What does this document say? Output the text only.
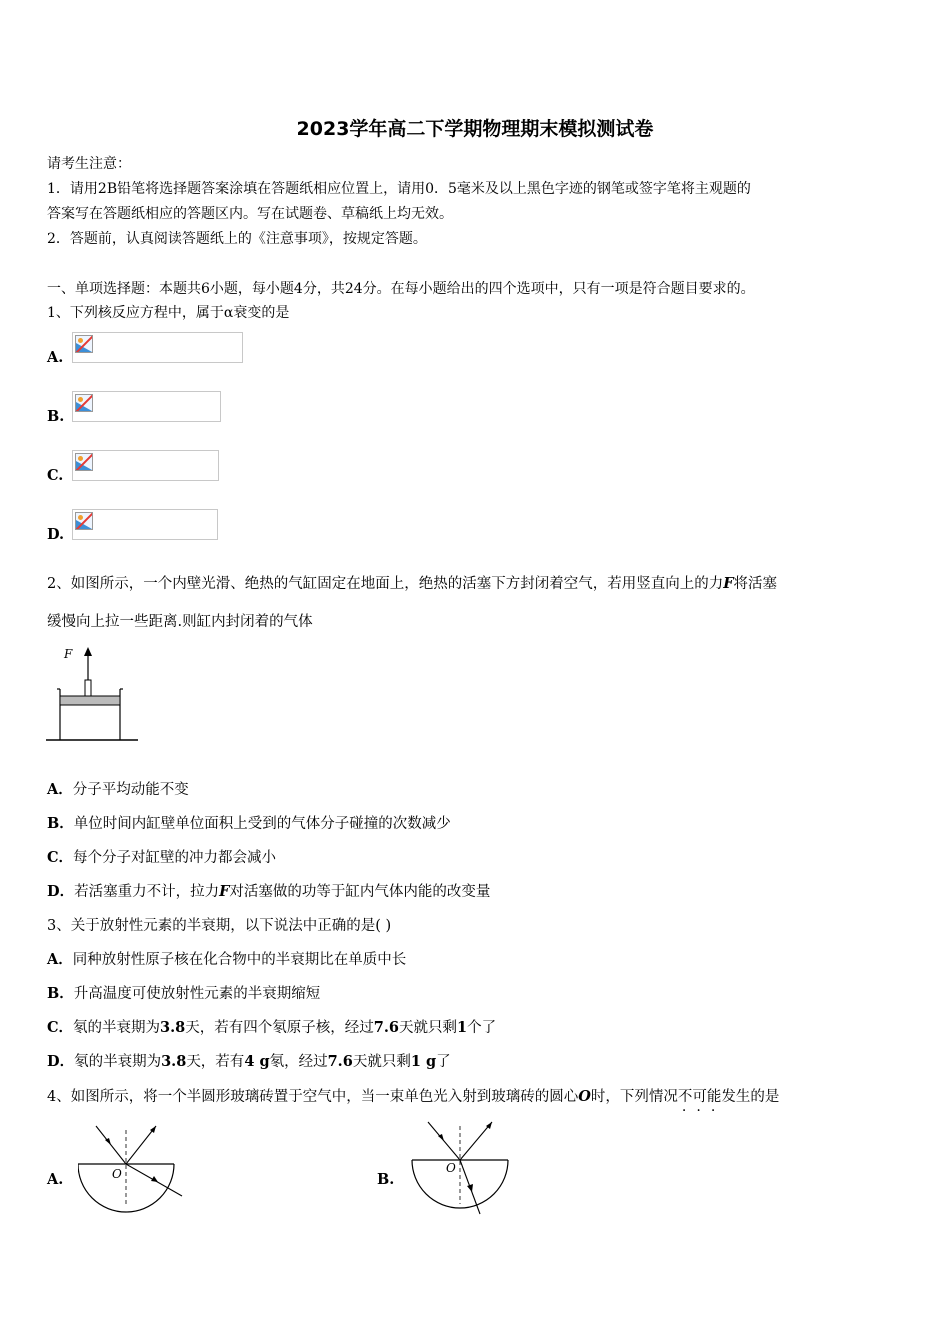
2023学年高二下学期物理期末模拟测试卷
请考生注意：
1．请用2B铅笔将选择题答案涂填在答题纸相应位置上，请用0．5毫米及以上黑色字迹的钢笔或签字笔将主观题的
答案写在答题纸相应的答题区内。写在试题卷、草稿纸上均无效。
2．答题前，认真阅读答题纸上的《注意事项》，按规定答题。
一、单项选择题：本题共6小题，每小题4分，共24分。在每小题给出的四个选项中，只有一项是符合题目要求的。
1、下列核反应方程中，属于α衰变的是
A.
B.
C.
D.
2、如图所示，一个内壁光滑、绝热的气缸固定在地面上，绝热的活塞下方封闭着空气，若用竖直向上的力F将活塞
缓慢向上拉一些距离.则缸内封闭着的气体
F
A．分子平均动能不变
B．单位时间内缸壁单位面积上受到的气体分子碰撞的次数减少
C．每个分子对缸壁的冲力都会减小
D．若活塞重力不计，拉力F对活塞做的功等于缸内气体内能的改变量
3、关于放射性元素的半衰期，以下说法中正确的是( )
A．同种放射性原子核在化合物中的半衰期比在单质中长
B．升高温度可使放射性元素的半衰期缩短
C．氡的半衰期为3.8天，若有四个氡原子核，经过7.6天就只剩1个了
D．氡的半衰期为3.8天，若有4 g氡，经过7.6天就只剩1 g了
4、如图所示，将一个半圆形玻璃砖置于空气中，当一束单色光入射到玻璃砖的圆心O时，下列情况不可能发生的是
A.	O	B.
O
